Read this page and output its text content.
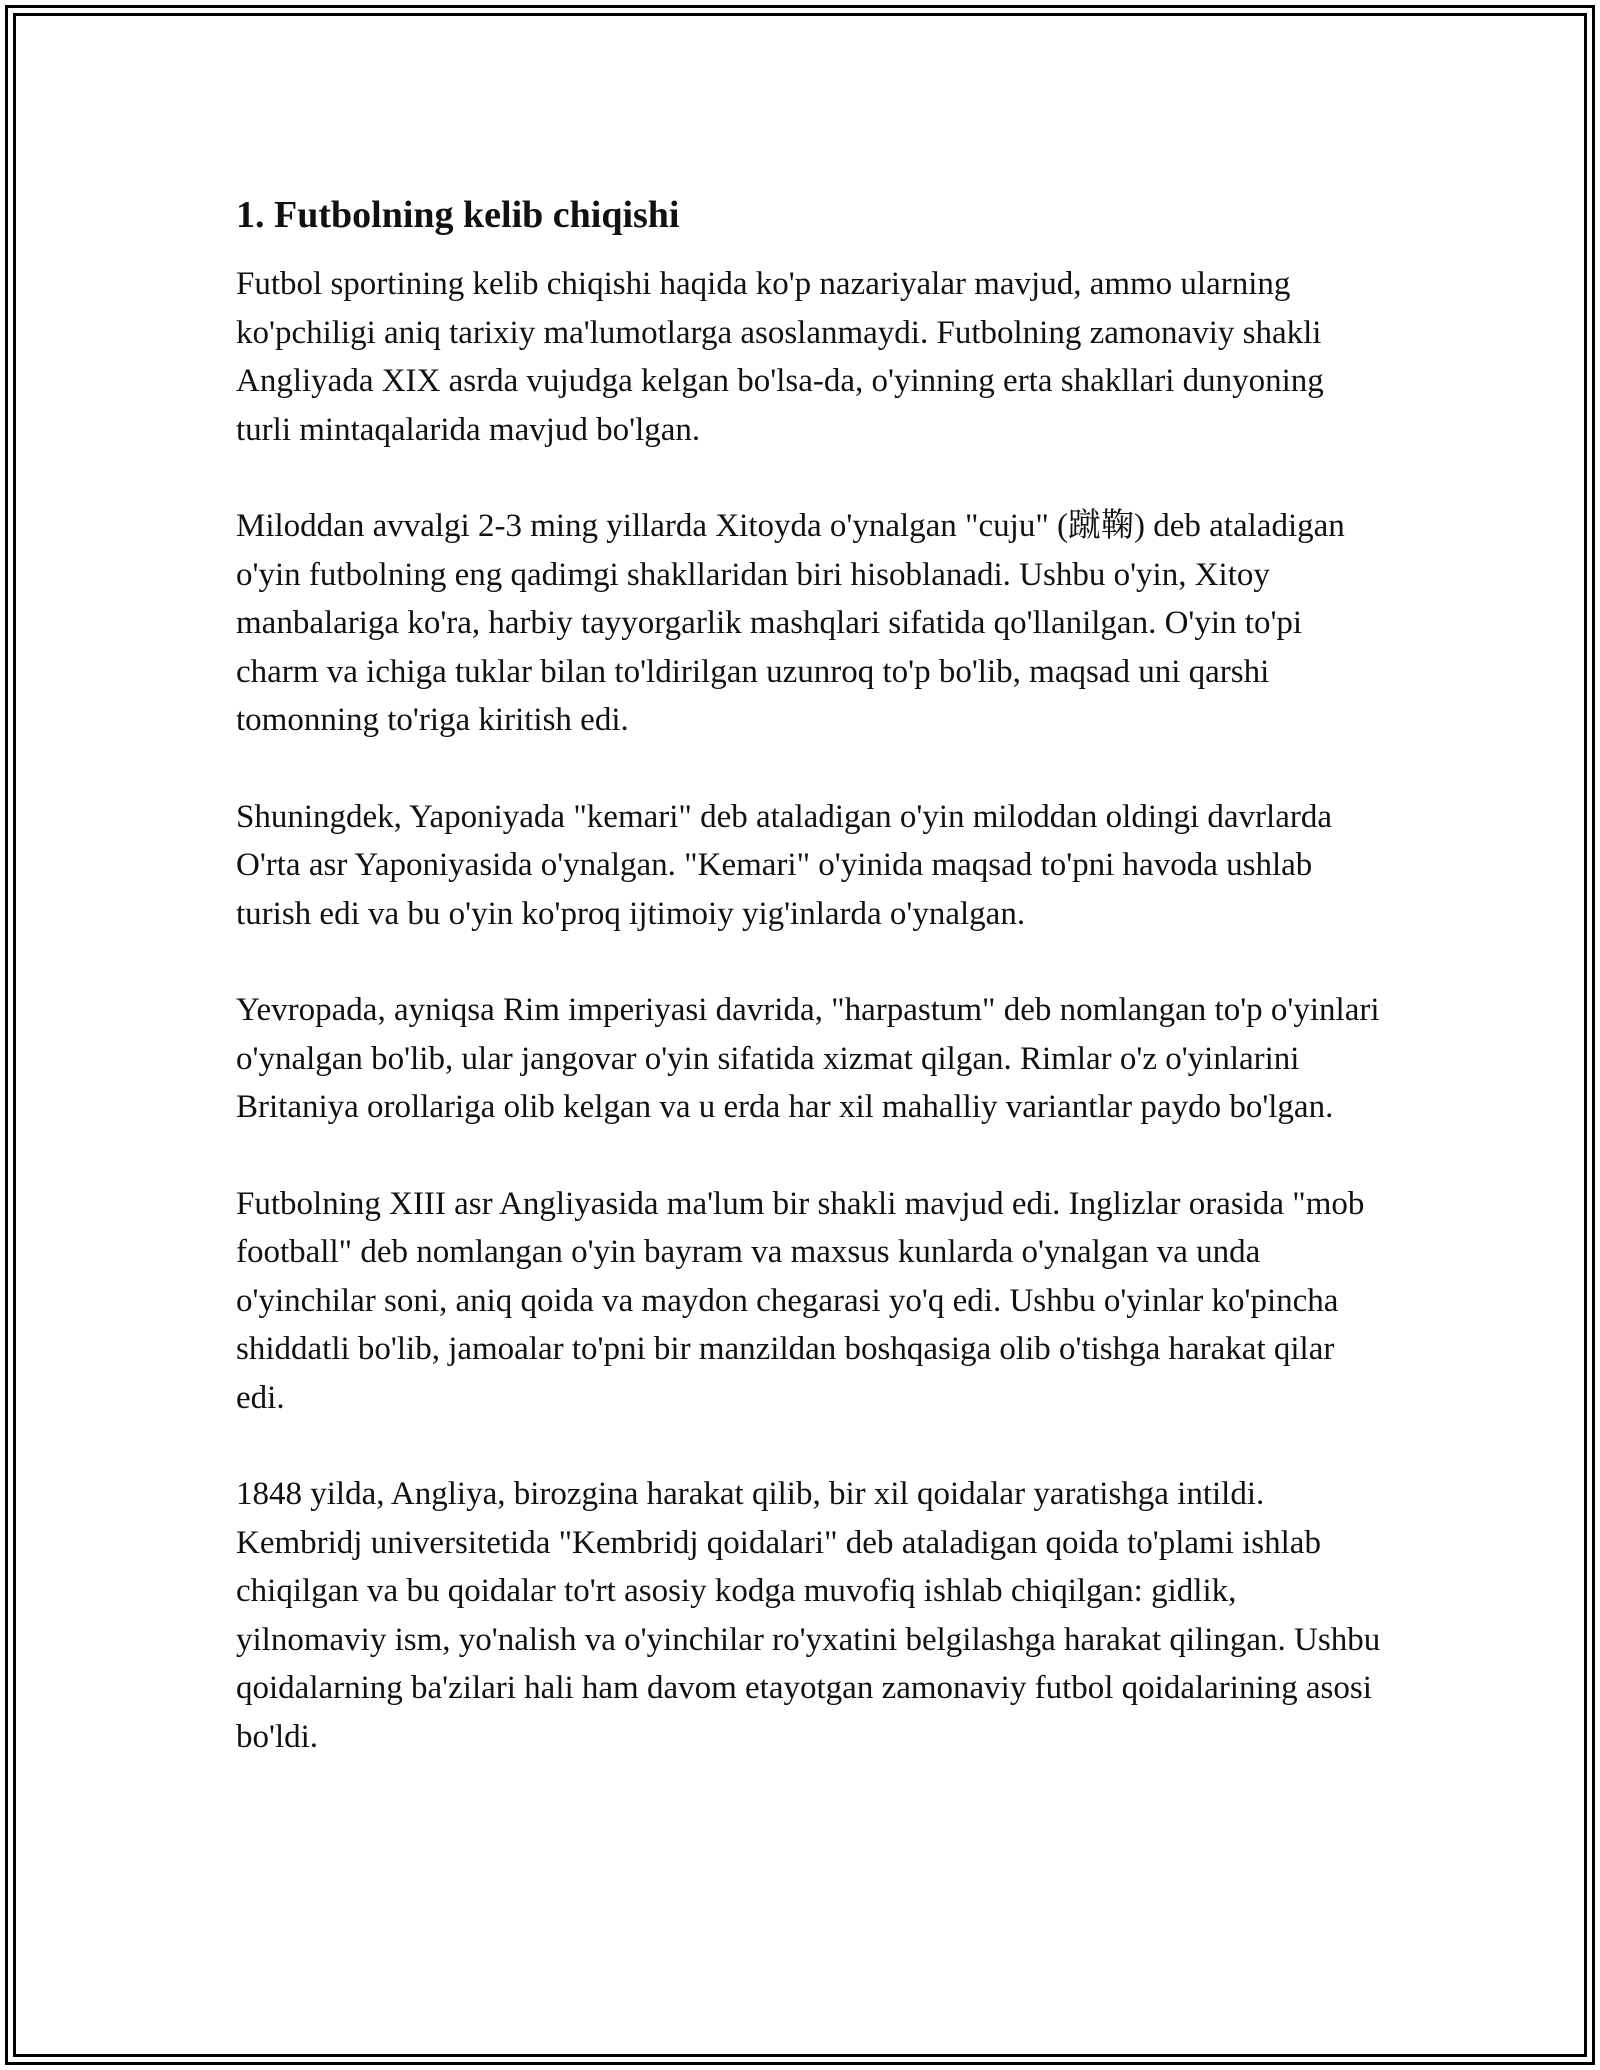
1. Futbolning kelib chiqishi

Futbol sportining kelib chiqishi haqida ko'p nazariyalar mavjud, ammo ularning ko'pchiligi aniq tarixiy ma'lumotlarga asoslanmaydi. Futbolning zamonaviy shakli Angliyada XIX asrda vujudga kelgan bo'lsa-da, o'yinning erta shakllari dunyoning turli mintaqalarida mavjud bo'lgan.

Miloddan avvalgi 2-3 ming yillarda Xitoyda o'ynalgan "cuju" (蹴鞠) deb ataladigan o'yin futbolning eng qadimgi shakllaridan biri hisoblanadi. Ushbu o'yin, Xitoy manbalariga ko'ra, harbiy tayyorgarlik mashqlari sifatida qo'llanilgan. O'yin to'pi charm va ichiga tuklar bilan to'ldirilgan uzunroq to'p bo'lib, maqsad uni qarshi tomonning to'riga kiritish edi.

Shuningdek, Yaponiyada "kemari" deb ataladigan o'yin miloddan oldingi davrlarda O'rta asr Yaponiyasida o'ynalgan. "Kemari" o'yinida maqsad to'pni havoda ushlab turish edi va bu o'yin ko'proq ijtimoiy yig'inlarda o'ynalgan.

Yevropada, ayniqsa Rim imperiyasi davrida, "harpastum" deb nomlangan to'p o'yinlari o'ynalgan bo'lib, ular jangovar o'yin sifatida xizmat qilgan. Rimlar o'z o'yinlarini Britaniya orollariga olib kelgan va u erda har xil mahalliy variantlar paydo bo'lgan.

Futbolning XIII asr Angliyasida ma'lum bir shakli mavjud edi. Inglizlar orasida "mob football" deb nomlangan o'yin bayram va maxsus kunlarda o'ynalgan va unda o'yinchilar soni, aniq qoida va maydon chegarasi yo'q edi. Ushbu o'yinlar ko'pincha shiddatli bo'lib, jamoalar to'pni bir manzildan boshqasiga olib o'tishga harakat qilar edi.

1848 yilda, Angliya, birozgina harakat qilib, bir xil qoidalar yaratishga intildi. Kembridj universitetida "Kembridj qoidalari" deb ataladigan qoida to'plami ishlab chiqilgan va bu qoidalar to'rt asosiy kodga muvofiq ishlab chiqilgan: gidlik, yilnomaviy ism, yo'nalish va o'yinchilar ro'yxatini belgilashga harakat qilingan. Ushbu qoidalarning ba'zilari hali ham davom etayotgan zamonaviy futbol qoidalarining asosi bo'ldi.
